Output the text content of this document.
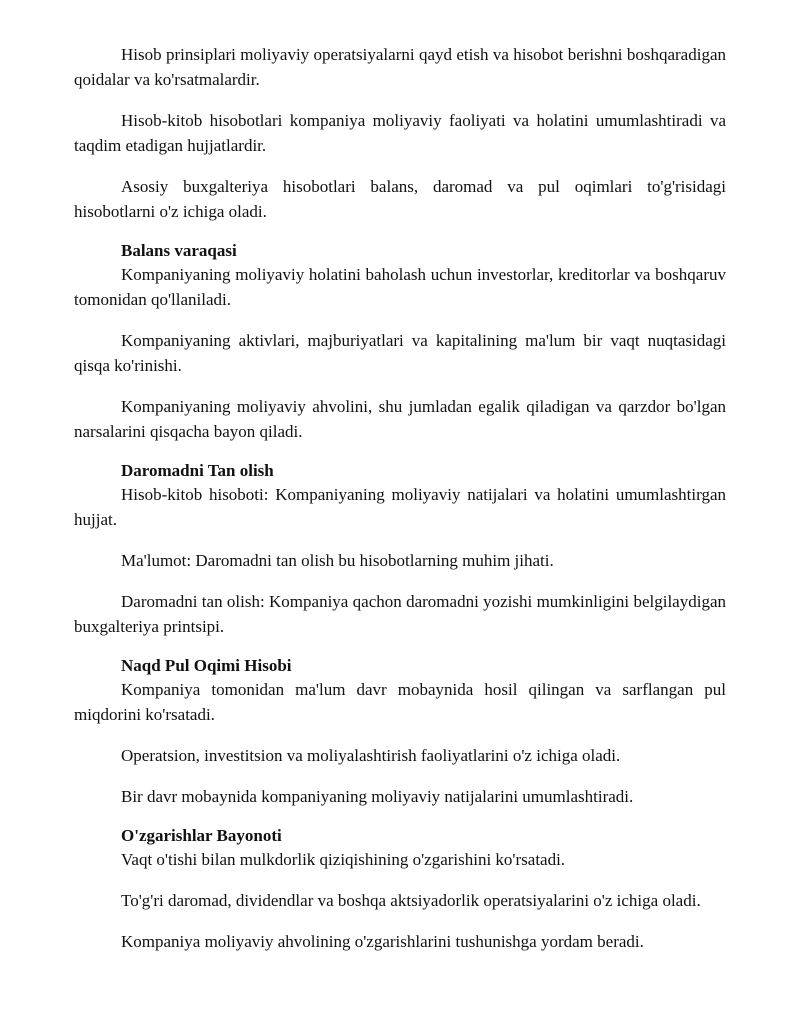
Hisob prinsiplari moliyaviy operatsiyalarni qayd etish va hisobot berishni boshqaradigan qoidalar va ko'rsatmalardir.

Hisob-kitob hisobotlari kompaniya moliyaviy faoliyati va holatini umumlashtiradi va taqdim etadigan hujjatlardir.

Asosiy buxgalteriya hisobotlari balans, daromad va pul oqimlari to'g'risidagi hisobotlarni o'z ichiga oladi.

Balans varaqasi

Kompaniyaning moliyaviy holatini baholash uchun investorlar, kreditorlar va boshqaruv tomonidan qo'llaniladi.

Kompaniyaning aktivlari, majburiyatlari va kapitalining ma'lum bir vaqt nuqtasidagi qisqa ko'rinishi.

Kompaniyaning moliyaviy ahvolini, shu jumladan egalik qiladigan va qarzdor bo'lgan narsalarini qisqacha bayon qiladi.

Daromadni Tan olish

Hisob-kitob hisoboti: Kompaniyaning moliyaviy natijalari va holatini umumlashtirgan hujjat.

Ma'lumot: Daromadni tan olish bu hisobotlarning muhim jihati.

Daromadni tan olish: Kompaniya qachon daromadni yozishi mumkinligini belgilaydigan buxgalteriya printsipi.

Naqd Pul Oqimi Hisobi

Kompaniya tomonidan ma'lum davr mobaynida hosil qilingan va sarflangan pul miqdorini ko'rsatadi.

Operatsion, investitsion va moliyalashtirish faoliyatlarini o'z ichiga oladi.

Bir davr mobaynida kompaniyaning moliyaviy natijalarini umumlashtiradi.

O'zgarishlar Bayonoti

Vaqt o'tishi bilan mulkdorlik qiziqishining o'zgarishini ko'rsatadi.

To'g'ri daromad, dividendlar va boshqa aktsiyadorlik operatsiyalarini o'z ichiga oladi.

Kompaniya moliyaviy ahvolining o'zgarishlarini tushunishga yordam beradi.
